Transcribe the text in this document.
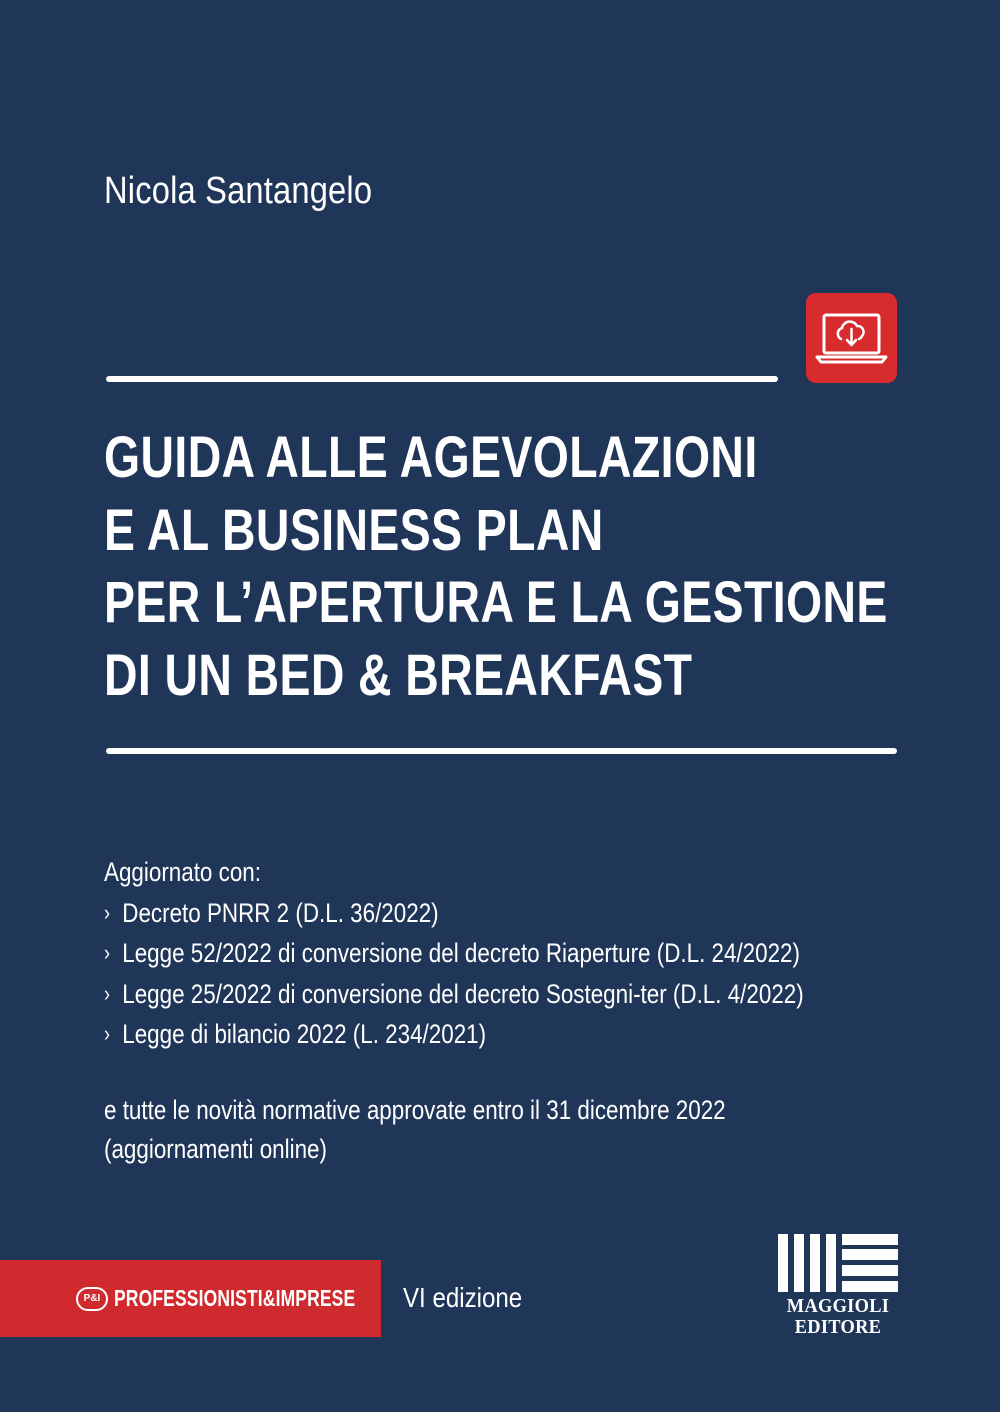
Nicola Santangelo
GUIDA ALLE AGEVOLAZIONI
E AL BUSINESS PLAN
PER L’APERTURA E LA GESTIONE
DI UN BED & BREAKFAST
Aggiornato con:
› Decreto PNRR 2 (D.L. 36/2022)
› Legge 52/2022 di conversione del decreto Riaperture (D.L. 24/2022)
› Legge 25/2022 di conversione del decreto Sostegni-ter (D.L. 4/2022)
› Legge di bilancio 2022 (L. 234/2021)
e tutte le novità normative approvate entro il 31 dicembre 2022
(aggiornamenti online)
P&I PROFESSIONISTI&IMPRESE VI edizione	MAGGIOLI
EDITORE
